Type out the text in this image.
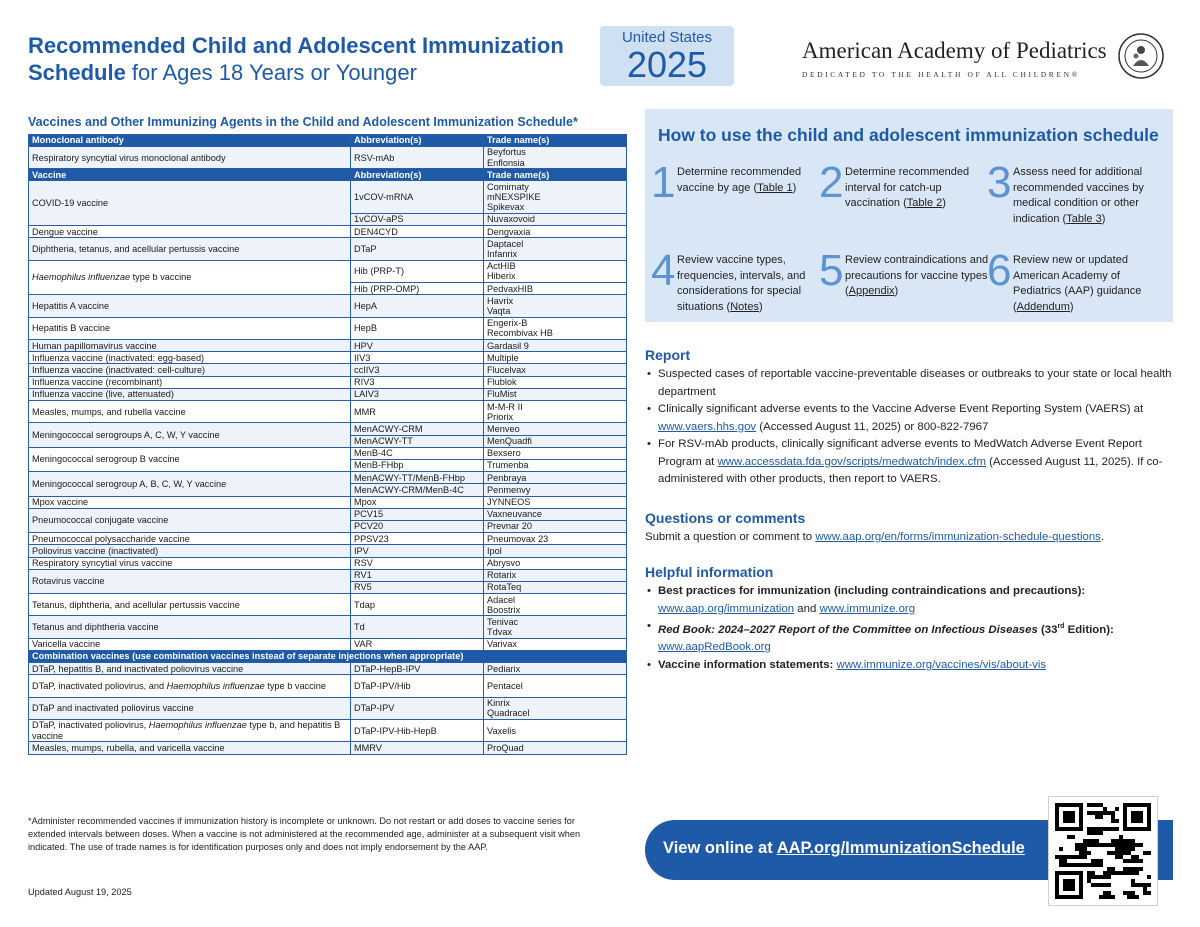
Recommended Child and Adolescent Immunization
Schedule for Ages 18 Years or Younger
United States
2025	American Academy of Pediatrics
DEDICATED TO THE HEALTH OF ALL CHILDREN®
Vaccines and Other Immunizing Agents in the Child and Adolescent Immunization Schedule*
Monoclonal antibody	Abbreviation(s)	Trade name(s)
Respiratory syncytial virus monoclonal antibody	RSV-mAb	Beyfortus
Enflonsia

Vaccine	Abbreviation(s)	Trade name(s)
COVID-19 vaccine	1vCOV-mRNA	Comirnaty
mNEXSPIKE
Spikevax

	1vCOV-aPS	Nuvaxovoid

Dengue vaccine	DEN4CYD	Dengvaxia

Diphtheria, tetanus, and acellular pertussis vaccine	DTaP	Daptacel
Infanrix

Haemophilus influenzae type b vaccine	Hib (PRP-T)	ActHIB
Hiberix

	Hib (PRP-OMP)	PedvaxHIB

Hepatitis A vaccine	HepA	Havrix
Vaqta

Hepatitis B vaccine	HepB	Engerix-B
Recombivax HB

Human papillomavirus vaccine	HPV	Gardasil 9

Influenza vaccine (inactivated: egg-based)	IIV3	Multiple

Influenza vaccine (inactivated: cell-culture)	ccIIV3	Flucelvax

Influenza vaccine (recombinant)	RIV3	Flublok

Influenza vaccine (live, attenuated)	LAIV3	FluMist

Measles, mumps, and rubella vaccine	MMR	M-M-R II
Priorix

Meningococcal serogroups A, C, W, Y vaccine	MenACWY-CRM	Menveo

	MenACWY-TT	MenQuadfi

Meningococcal serogroup B vaccine	MenB-4C	Bexsero

	MenB-FHbp	Trumenba

Meningococcal serogroup A, B, C, W, Y vaccine	MenACWY-TT/MenB-FHbp	Penbraya

	MenACWY-CRM/MenB-4C	Penmenvy

Mpox vaccine	Mpox	JYNNEOS

Pneumococcal conjugate vaccine	PCV15	Vaxneuvance

	PCV20	Prevnar 20

Pneumococcal polysaccharide vaccine	PPSV23	Pneumovax 23

Poliovirus vaccine (inactivated)	IPV	Ipol

Respiratory syncytial virus vaccine	RSV	Abrysvo

Rotavirus vaccine	RV1	Rotarix

	RV5	RotaTeq

Tetanus, diphtheria, and acellular pertussis vaccine	Tdap	Adacel
Boostrix

Tetanus and diphtheria vaccine	Td	Tenivac
Tdvax

Varicella vaccine	VAR	Varivax

Combination vaccines (use combination vaccines instead of separate injections when appropriate)		
DTaP, hepatitis B, and inactivated poliovirus vaccine	DTaP-HepB-IPV	Pediarix

DTaP, inactivated poliovirus, and Haemophilus influenzae type b vaccine	DTaP-IPV/Hib	Pentacel

DTaP and inactivated poliovirus vaccine	DTaP-IPV	Kinrix
Quadracel

DTaP, inactivated poliovirus, Haemophilus influenzae type b, and hepatitis B vaccine	DTaP-IPV-Hib-HepB	Vaxelis

Measles, mumps, rubella, and varicella vaccine	MMRV	ProQuad
*Administer recommended vaccines if immunization history is incomplete or unknown. Do not restart or add doses to vaccine series for extended intervals between doses. When a vaccine is not administered at the recommended age, administer at a subsequent visit when indicated. The use of trade names is for identification purposes only and does not imply endorsement by the AAP.
Updated August 19, 2025
How to use the child and adolescent immunization schedule
1 Determine recommended vaccine by age (Table 1) 2 Determine recommended interval for catch-up vaccination (Table 2) 3 Assess need for additional recommended vaccines by medical condition or other indication (Table 3)
4 Review vaccine types, frequencies, intervals, and considerations for special situations (Notes)
5 Review contraindications and precautions for vaccine types (Appendix)	6 Review new or updated American Academy of Pediatrics (AAP) guidance (Addendum)
Report
• Suspected cases of reportable vaccine-preventable diseases or outbreaks to your state or local health department
• Clinically significant adverse events to the Vaccine Adverse Event Reporting System (VAERS) at www.vaers.hhs.gov (Accessed August 11, 2025) or 800-822-7967
• For RSV-mAb products, clinically significant adverse events to MedWatch Adverse Event Report Program at www.accessdata.fda.gov/scripts/medwatch/index.cfm (Accessed August 11, 2025). If co-administered with other products, then report to VAERS.
Questions or comments
Submit a question or comment to www.aap.org/en/forms/immunization-schedule-questions.
Helpful information
• Best practices for immunization (including contraindications and precautions):
www.aap.org/immunization and www.immunize.org
• Red Book: 2024–2027 Report of the Committee on Infectious Diseases (33rd Edition):
www.aapRedBook.org
• Vaccine information statements: www.immunize.org/vaccines/vis/about-vis
View online at AAP.org/ImmunizationSchedule
